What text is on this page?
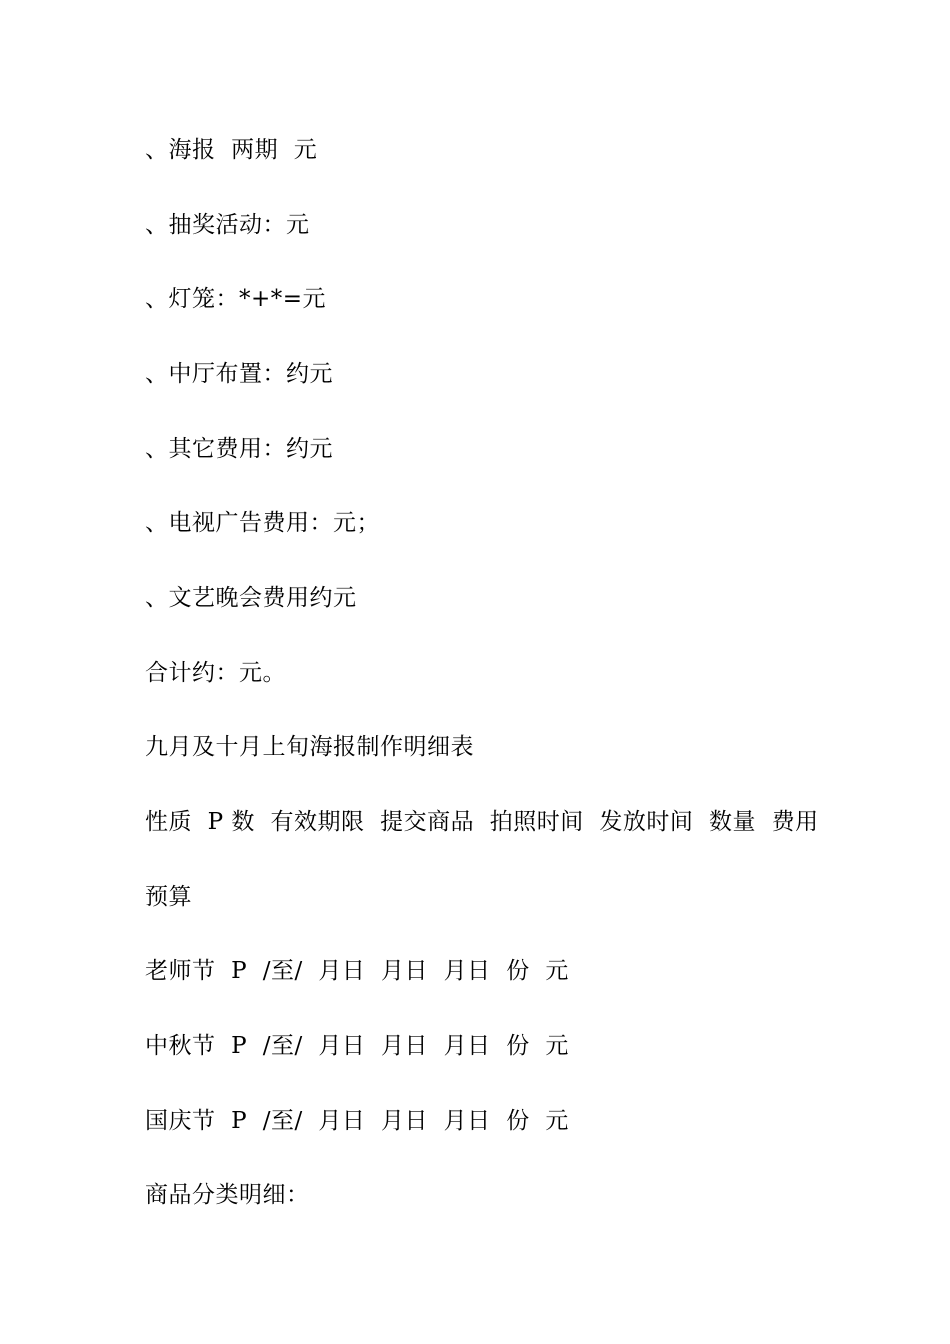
、海报  两期  元

、抽奖活动：元

、灯笼：*+*=元

、中厅布置：约元

、其它费用：约元

、电视广告费用：元；

、文艺晚会费用约元

合计约：元。

九月及十月上旬海报制作明细表

性质  P 数  有效期限  提交商品  拍照时间  发放时间  数量  费用

预算

老师节  P  /至/  月日  月日  月日  份  元

中秋节  P  /至/  月日  月日  月日  份  元

国庆节  P  /至/  月日  月日  月日  份  元

商品分类明细：
